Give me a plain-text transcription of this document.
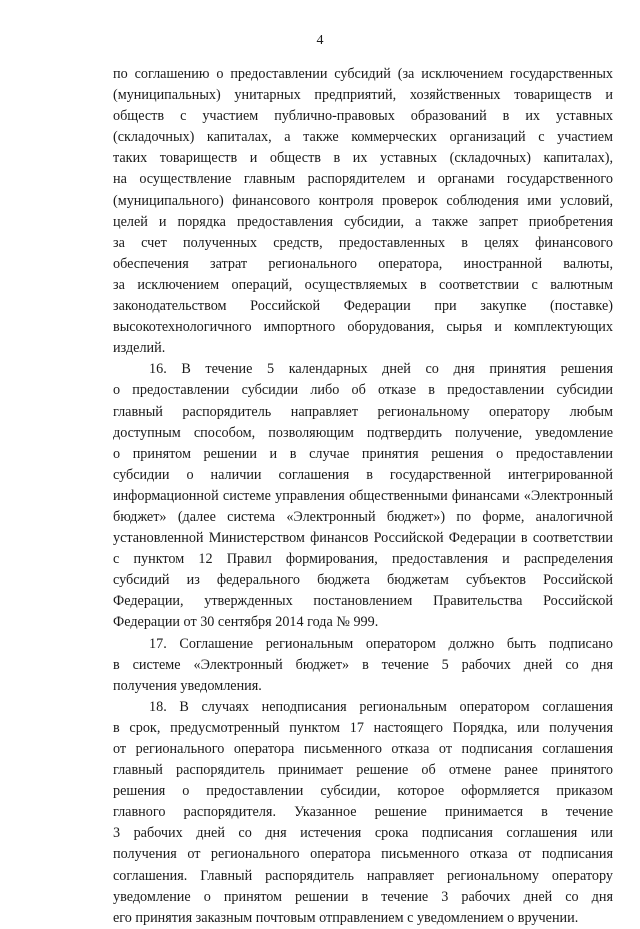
4
по соглашению о предоставлении субсидий (за исключением государственных
(муниципальных) унитарных предприятий, хозяйственных товариществ и
обществ с участием публично-правовых образований в их уставных
(складочных) капиталах, а также коммерческих организаций с участием
таких товариществ и обществ в их уставных (складочных) капиталах),
на осуществление главным распорядителем и органами государственного
(муниципального) финансового контроля проверок соблюдения ими условий,
целей и порядка предоставления субсидии, а также запрет приобретения
за счет полученных средств, предоставленных в целях финансового
обеспечения затрат регионального оператора, иностранной валюты,
за исключением операций, осуществляемых в соответствии с валютным
законодательством Российской Федерации при закупке (поставке)
высокотехнологичного импортного оборудования, сырья и комплектующих
изделий.
16. В течение 5 календарных дней со дня принятия решения
о предоставлении субсидии либо об отказе в предоставлении субсидии
главный распорядитель направляет региональному оператору любым
доступным способом, позволяющим подтвердить получение, уведомление
о принятом решении и в случае принятия решения о предоставлении
субсидии о наличии соглашения в государственной интегрированной
информационной системе управления общественными финансами «Электронный
бюджет» (далее система «Электронный бюджет») по форме, аналогичной
установленной Министерством финансов Российской Федерации в соответствии
с пунктом 12 Правил формирования, предоставления и распределения
субсидий из федерального бюджета бюджетам субъектов Российской
Федерации, утвержденных постановлением Правительства Российской
Федерации от 30 сентября 2014 года № 999.
17. Соглашение региональным оператором должно быть подписано
в системе «Электронный бюджет» в течение 5 рабочих дней со дня
получения уведомления.
18. В случаях неподписания региональным оператором соглашения
в срок, предусмотренный пунктом 17 настоящего Порядка, или получения
от регионального оператора письменного отказа от подписания соглашения
главный распорядитель принимает решение об отмене ранее принятого
решения о предоставлении субсидии, которое оформляется приказом
главного распорядителя. Указанное решение принимается в течение
3 рабочих дней со дня истечения срока подписания соглашения или
получения от регионального оператора письменного отказа от подписания
соглашения. Главный распорядитель направляет региональному оператору
уведомление о принятом решении в течение 3 рабочих дней со дня
его принятия заказным почтовым отправлением с уведомлением о вручении.
